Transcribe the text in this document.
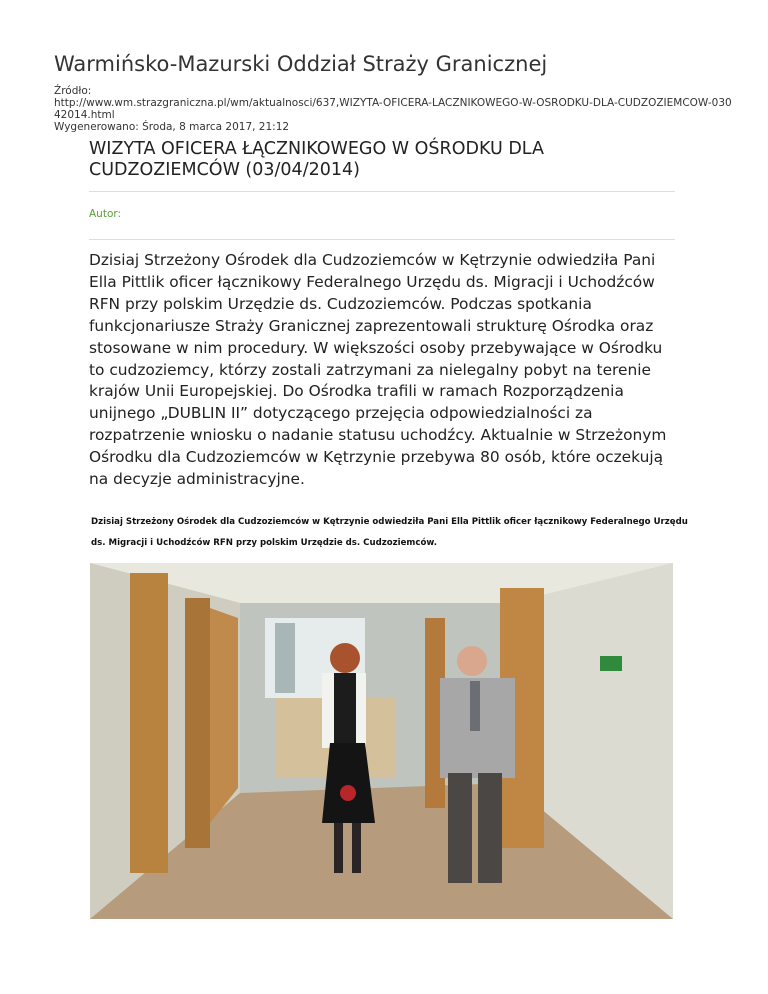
Warmińsko-Mazurski Oddział Straży Granicznej
Źródło:
http://www.wm.strazgraniczna.pl/wm/aktualnosci/637,WIZYTA-OFICERA-LACZNIKOWEGO-W-OSRODKU-DLA-CUDZOZIEMCOW-03042014.html
Wygenerowano: Środa, 8 marca 2017, 21:12
WIZYTA OFICERA ŁĄCZNIKOWEGO W OŚRODKU DLA CUDZOZIEMCÓW (03/04/2014)
Autor:
Dzisiaj Strzeżony Ośrodek dla Cudzoziemców w Kętrzynie odwiedziła Pani Ella Pittlik oficer łącznikowy Federalnego Urzędu ds. Migracji i Uchodźców RFN przy polskim Urzędzie ds. Cudzoziemców. Podczas spotkania funkcjonariusze Straży Granicznej zaprezentowali strukturę Ośrodka oraz stosowane w nim procedury. W większości osoby przebywające w Ośrodku to cudzoziemcy, którzy zostali zatrzymani za nielegalny pobyt na terenie krajów Unii Europejskiej. Do Ośrodka trafili w ramach Rozporządzenia unijnego „DUBLIN II” dotyczącego przejęcia odpowiedzialności za rozpatrzenie wniosku o nadanie statusu uchodźcy. Aktualnie w Strzeżonym Ośrodku dla Cudzoziemców w Kętrzynie przebywa 80 osób, które oczekują na decyzje administracyjne.
Dzisiaj Strzeżony Ośrodek dla Cudzoziemców w Kętrzynie odwiedziła Pani Ella Pittlik oficer łącznikowy Federalnego Urzędu ds. Migracji i Uchodźców RFN przy polskim Urzędzie ds. Cudzoziemców.
